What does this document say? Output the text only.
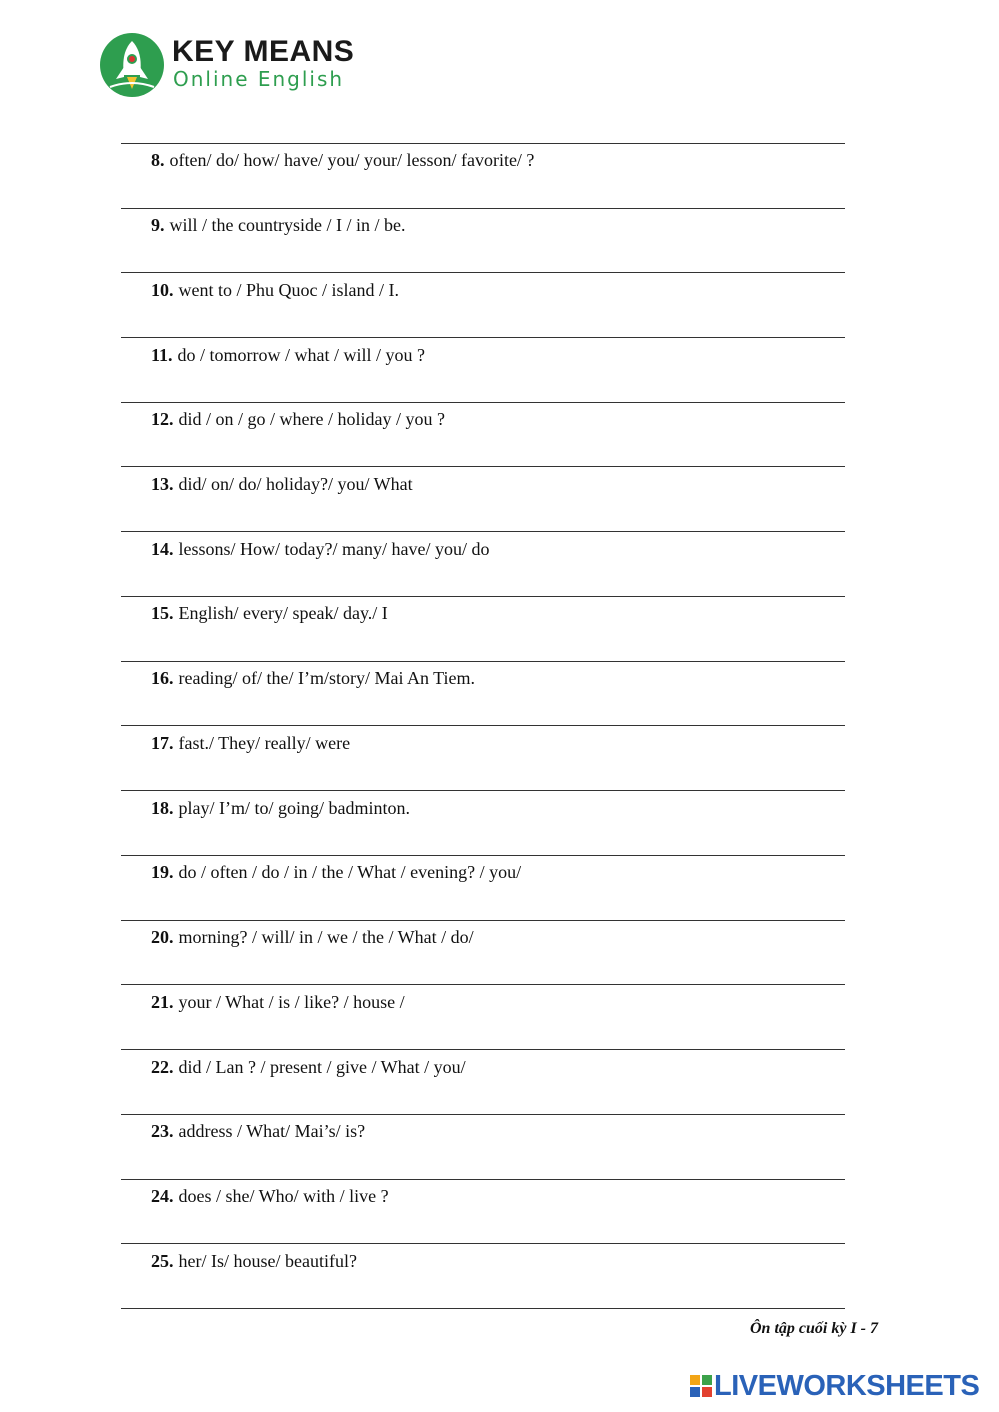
KEY MEANS
Online English
8. often/ do/ how/ have/ you/ your/ lesson/ favorite/ ?
9. will / the countryside / I / in / be.
10. went to / Phu Quoc / island / I.
11. do / tomorrow / what / will / you ?
12. did / on / go / where / holiday / you ?
13. did/ on/ do/ holiday?/ you/ What
14. lessons/ How/ today?/ many/ have/ you/ do
15. English/ every/ speak/ day./ I
16. reading/ of/ the/ I’m/story/ Mai An Tiem.
17. fast./ They/ really/ were
18. play/ I’m/ to/ going/ badminton.
19. do / often / do / in / the / What / evening? / you/
20. morning? / will/ in / we / the / What / do/
21. your / What / is / like? / house /
22. did / Lan ? / present / give / What / you/
23. address / What/ Mai’s/ is?
24. does / she/ Who/ with / live ?
25. her/ Is/ house/ beautiful?
Ôn tập cuối kỳ I - 7
LIVEWORKSHEETS
